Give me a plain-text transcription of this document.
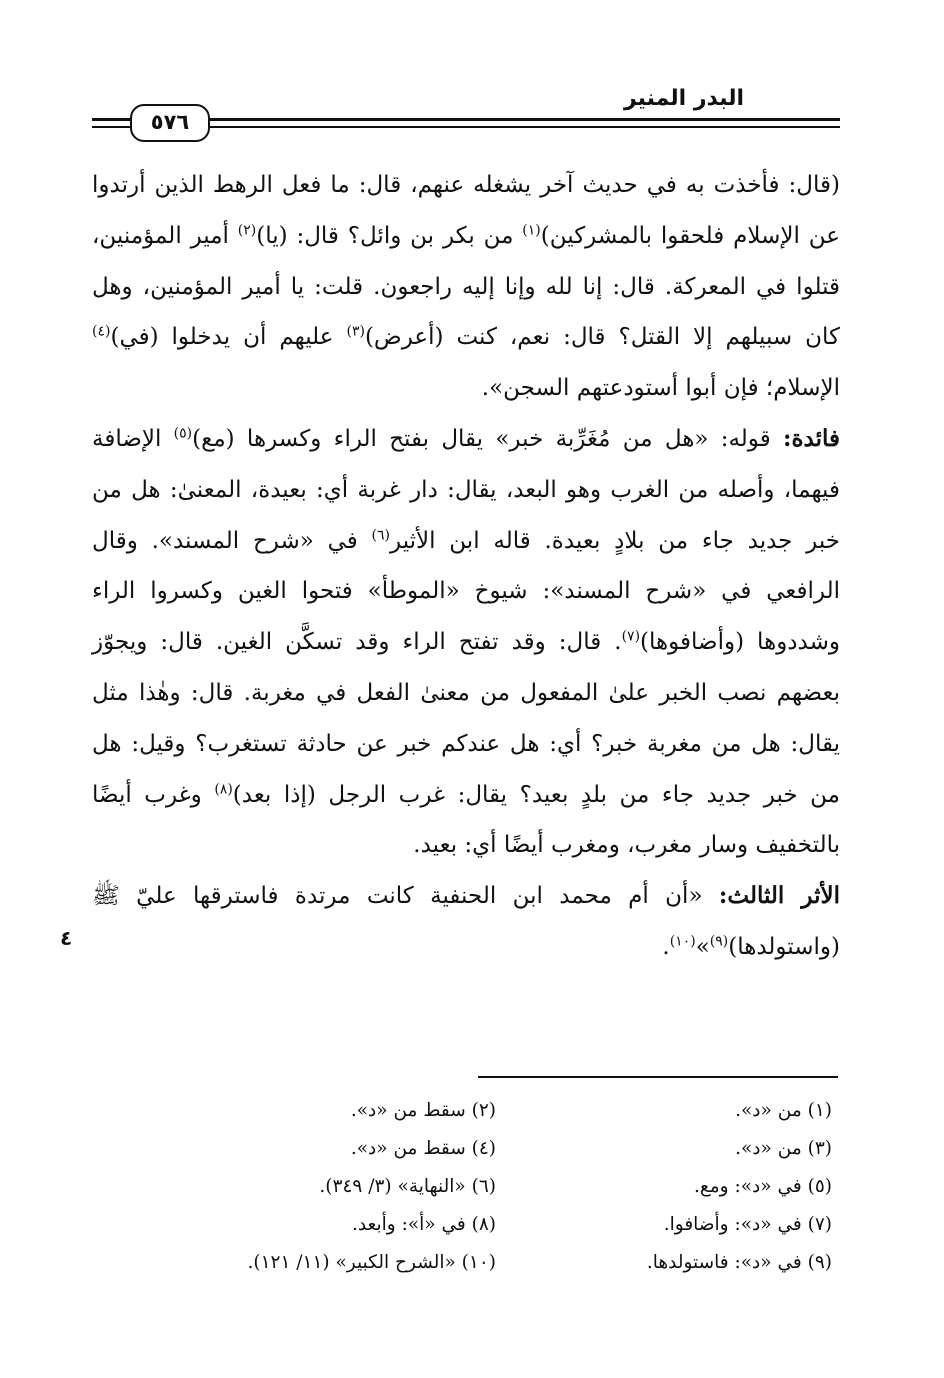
البدر المنير
٥٧٦

(قال: فأخذت به في حديث آخر يشغله عنهم، قال: ما فعل الرهط الذين أرتدوا عن الإسلام فلحقوا بالمشركين)$^{(١)}$ من بكر بن وائل؟ قال: (يا)$^{(٢)}$ أمير المؤمنين، قتلوا في المعركة. قال: إنا لله وإنا إليه راجعون. قلت: يا أمير المؤمنين، وهل كان سبيلهم إلا القتل؟ قال: نعم، كنت (أعرض)$^{(٣)}$ عليهم أن يدخلوا (في)$^{(٤)}$ الإسلام؛ فإن أبوا أستودعتهم السجن».

فائدة: قوله: «هل من مُغَرِّبة خبر» يقال بفتح الراء وكسرها (مع)$^{(٥)}$ الإضافة فيهما، وأصله من الغرب وهو البعد، يقال: دار غربة أي: بعيدة، المعنىٰ: هل من خبر جديد جاء من بلادٍ بعيدة. قاله ابن الأثير$^{(٦)}$ في «شرح المسند». وقال الرافعي في «شرح المسند»: شيوخ «الموطأ» فتحوا الغين وكسروا الراء وشددوها (وأضافوها)$^{(٧)}$. قال: وقد تفتح الراء وقد تسكَّن الغين. قال: ويجوّز بعضهم نصب الخبر علىٰ المفعول من معنىٰ الفعل في مغربة. قال: وهٰذا مثل يقال: هل من مغربة خبر؟ أي: هل عندكم خبر عن حادثة تستغرب؟ وقيل: هل من خبر جديد جاء من بلدٍ بعيد؟ يقال: غرب الرجل (إذا بعد)$^{(٨)}$ وغرب أيضًا بالتخفيف وسار مغرب، ومغرب أيضًا أي: بعيد.

الأثر الثالث: «أن أم محمد ابن الحنفية كانت مرتدة فاسترقها عليّ ﷺ (واستولدها)$^{(٩)}$»$^{(١٠)}$.

٤
(١) من «د».
(٢) سقط من «د».
(٣) من «د».
(٤) سقط من «د».
(٥) في «د»: ومع.
(٦) «النهاية» (٣/ ٣٤٩).
(٧) في «د»: وأضافوا.
(٨) في «أ»: وأبعد.
(٩) في «د»: فاستولدها.
(١٠) «الشرح الكبير» (١١/ ١٢١).
